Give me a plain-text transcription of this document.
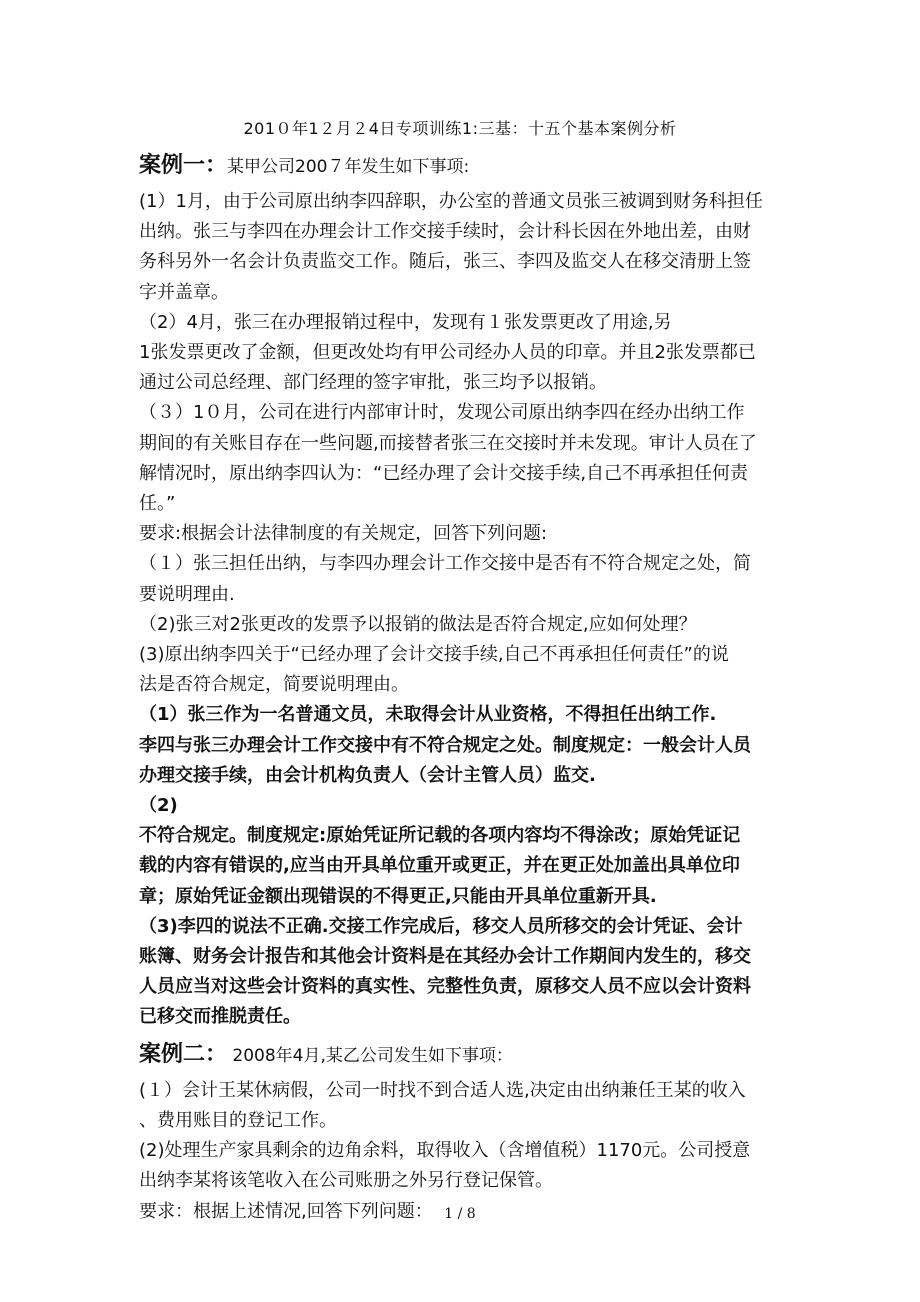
201０年1２月２4日专项训练1:三基：十五个基本案例分析
案例一：某甲公司200７年发生如下事项:
(1）1月，由于公司原出纳李四辞职，办公室的普通文员张三被调到财务科担任
出纳。张三与李四在办理会计工作交接手续时，会计科长因在外地出差，由财
务科另外一名会计负责监交工作。随后，张三、李四及监交人在移交清册上签
字并盖章。
（2）4月，张三在办理报销过程中，发现有１张发票更改了用途,另
1张发票更改了金额，但更改处均有甲公司经办人员的印章。并且2张发票都已
通过公司总经理、部门经理的签字审批，张三均予以报销。
（３）1０月，公司在进行内部审计时，发现公司原出纳李四在经办出纳工作
期间的有关账目存在一些问题,而接替者张三在交接时并未发现。审计人员在了
解情况时，原出纳李四认为：“已经办理了会计交接手续,自己不再承担任何责
任。”
要求:根据会计法律制度的有关规定，回答下列问题:
（１）张三担任出纳，与李四办理会计工作交接中是否有不符合规定之处，简
要说明理由.
（2)张三对2张更改的发票予以报销的做法是否符合规定,应如何处理？
(3)原出纳李四关于“已经办理了会计交接手续,自己不再承担任何责任”的说
法是否符合规定，简要说明理由。
（1）张三作为一名普通文员，未取得会计从业资格，不得担任出纳工作.
李四与张三办理会计工作交接中有不符合规定之处。制度规定：一般会计人员
办理交接手续，由会计机构负责人（会计主管人员）监交.
（2)
不符合规定。制度规定:原始凭证所记载的各项内容均不得涂改；原始凭证记
载的内容有错误的,应当由开具单位重开或更正，并在更正处加盖出具单位印
章；原始凭证金额出现错误的不得更正,只能由开具单位重新开具.
（3)李四的说法不正确.交接工作完成后，移交人员所移交的会计凭证、会计
账簿、财务会计报告和其他会计资料是在其经办会计工作期间内发生的，移交
人员应当对这些会计资料的真实性、完整性负责，原移交人员不应以会计资料
已移交而推脱责任。
案例二： 2008年4月,某乙公司发生如下事项：
(１）会计王某休病假，公司一时找不到合适人选,决定由出纳兼任王某的收入
、费用账目的登记工作。
(2)处理生产家具剩余的边角余料，取得收入（含增值税）1170元。公司授意
出纳李某将该笔收入在公司账册之外另行登记保管。
要求：根据上述情况,回答下列问题： 1 / 8
